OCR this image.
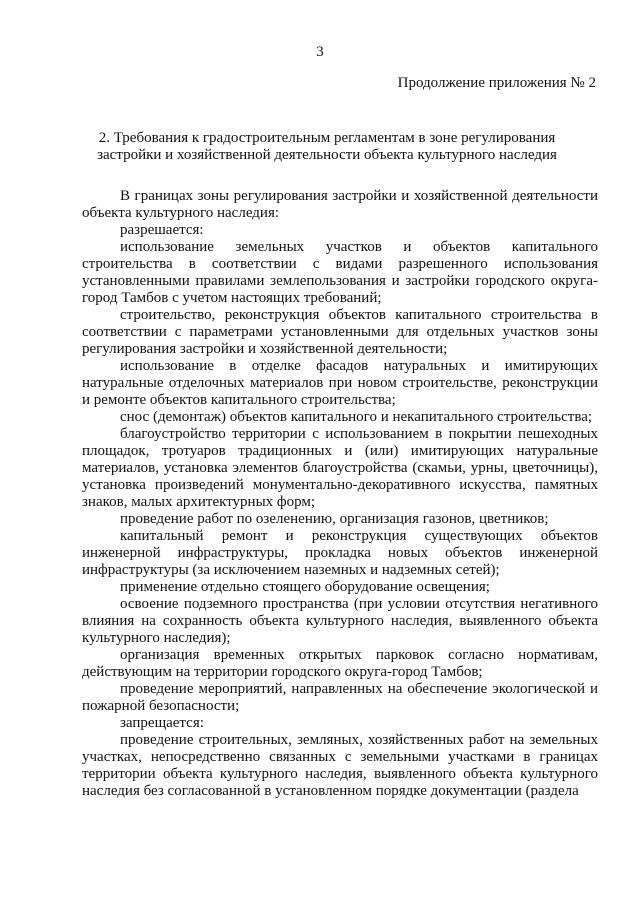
3
Продолжение приложения № 2
2. Требования к градостроительным регламентам в зоне регулирования
застройки и хозяйственной деятельности объекта культурного наследия

В границах зоны регулирования застройки и хозяйственной деятельности объекта культурного наследия:

разрешается:

использование земельных участков и объектов капитального строительства в соответствии с видами разрешенного использования установленными правилами землепользования и застройки городского округа-город Тамбов с учетом настоящих требований;

строительство, реконструкция объектов капитального строительства в соответствии с параметрами установленными для отдельных участков зоны регулирования застройки и хозяйственной деятельности;

использование в отделке фасадов натуральных и имитирующих натуральные отделочных материалов при новом строительстве, реконструкции и ремонте объектов капитального строительства;

снос (демонтаж) объектов капитального и некапитального строительства;

благоустройство территории с использованием в покрытии пешеходных площадок, тротуаров традиционных и (или) имитирующих натуральные материалов, установка элементов благоустройства (скамьи, урны, цветочницы), установка произведений монументально-декоративного искусства, памятных знаков, малых архитектурных форм;

проведение работ по озеленению, организация газонов, цветников;

капитальный ремонт и реконструкция существующих объектов инженерной инфраструктуры, прокладка новых объектов инженерной инфраструктуры (за исключением наземных и надземных сетей);

применение отдельно стоящего оборудование освещения;

освоение подземного пространства (при условии отсутствия негативного влияния на сохранность объекта культурного наследия, выявленного объекта культурного наследия);

организация временных открытых парковок согласно нормативам, действующим на территории городского округа-город Тамбов;

проведение мероприятий, направленных на обеспечение экологической и пожарной безопасности;

запрещается:

проведение строительных, земляных, хозяйственных работ на земельных участках, непосредственно связанных с земельными участками в границах территории объекта культурного наследия, выявленного объекта культурного наследия без согласованной в установленном порядке документации (раздела
